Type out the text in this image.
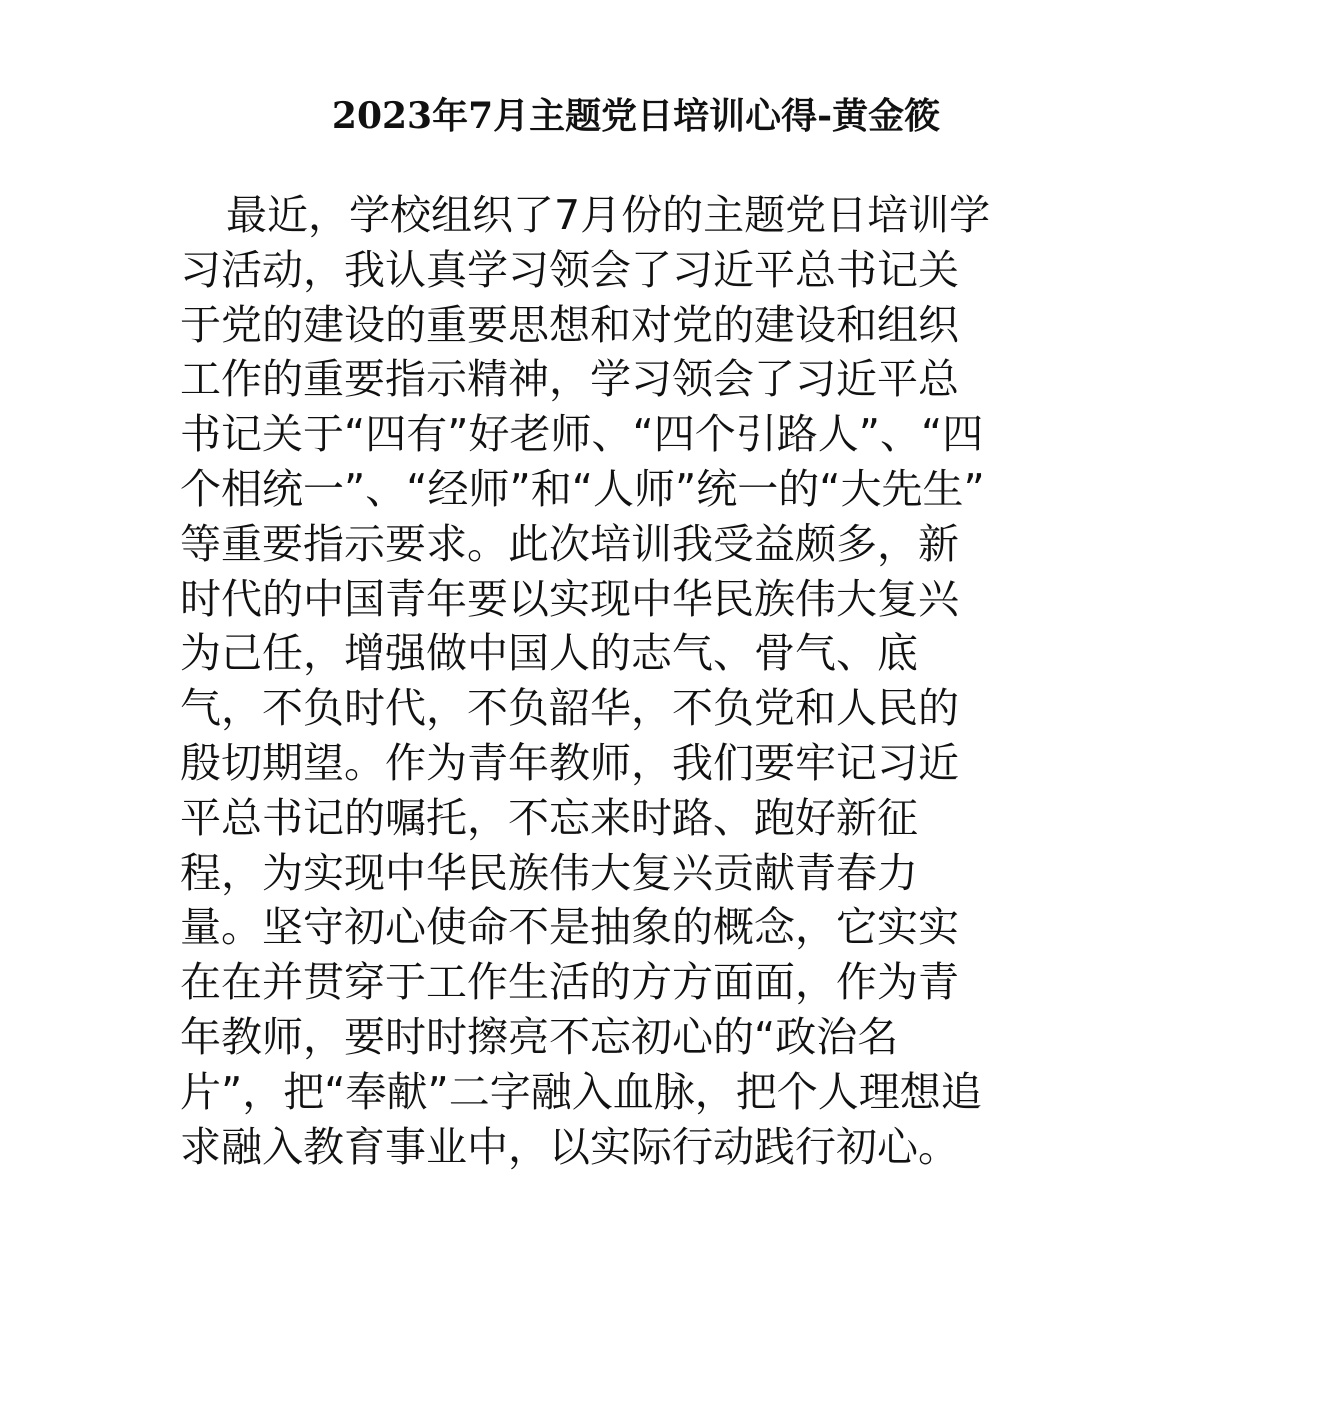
2023年7月主题党日培训心得-黄金筱
最近，学校组织了7月份的主题党日培训学
习活动，我认真学习领会了习近平总书记关
于党的建设的重要思想和对党的建设和组织
工作的重要指示精神，学习领会了习近平总
书记关于“四有”好老师、“四个引路人”、“四
个相统一”、“经师”和“人师”统一的“大先生”
等重要指示要求。此次培训我受益颇多，新
时代的中国青年要以实现中华民族伟大复兴
为己任，增强做中国人的志气、骨气、底
气，不负时代，不负韶华，不负党和人民的
殷切期望。作为青年教师，我们要牢记习近
平总书记的嘱托，不忘来时路、跑好新征
程，为实现中华民族伟大复兴贡献青春力
量。坚守初心使命不是抽象的概念，它实实
在在并贯穿于工作生活的方方面面，作为青
年教师，要时时擦亮不忘初心的“政治名
片”，把“奉献”二字融入血脉，把个人理想追
求融入教育事业中，以实际行动践行初心。
